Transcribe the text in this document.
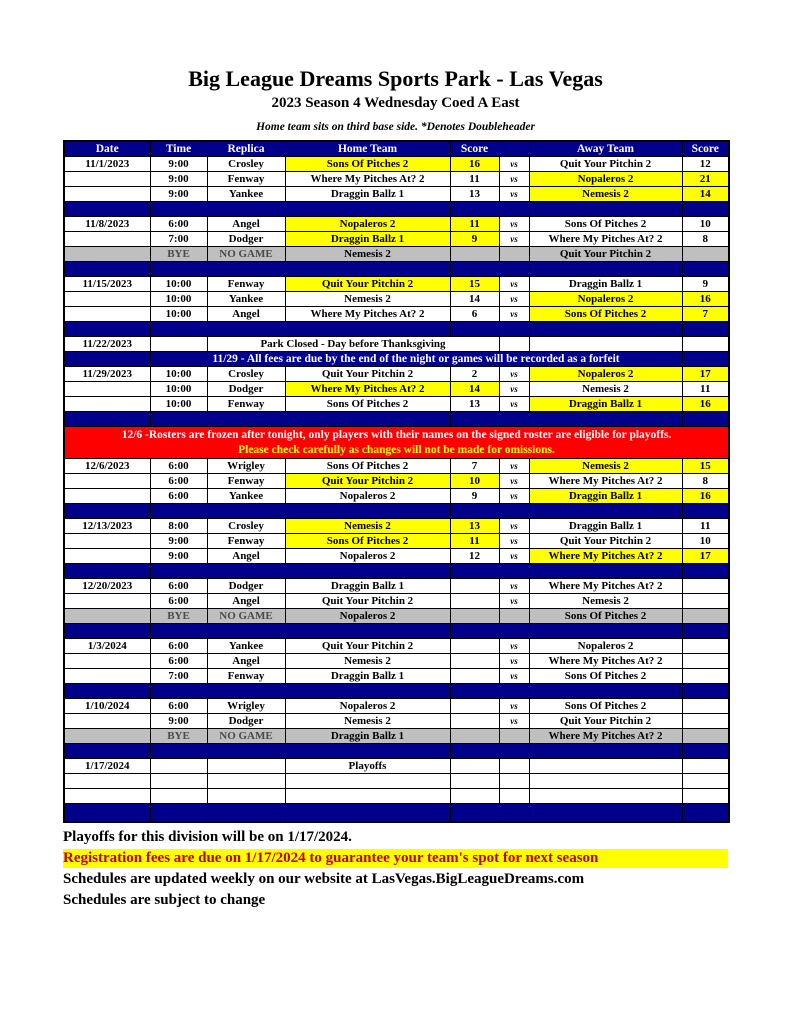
Big League Dreams Sports Park - Las Vegas
2023 Season 4 Wednesday Coed A East
Home team sits on third base side. *Denotes Doubleheader
Date	Time	Replica	Home Team	Score		Away Team	Score
11/1/2023	9:00	Crosley	Sons Of Pitches 2	16	vs	Quit Your Pitchin 2	12
	9:00	Fenway	Where My Pitches At? 2	11	vs	Nopaleros 2	21
	9:00	Yankee	Draggin Ballz 1	13	vs	Nemesis 2	14

11/8/2023	6:00	Angel	Nopaleros 2	11	vs	Sons Of Pitches 2	10
	7:00	Dodger	Draggin Ballz 1	9	vs	Where My Pitches At? 2	8
	BYE	NO GAME	Nemesis 2			Quit Your Pitchin 2	

11/15/2023	10:00	Fenway	Quit Your Pitchin 2	15	vs	Draggin Ballz 1	9
	10:00	Yankee	Nemesis 2	14	vs	Nopaleros 2	16
	10:00	Angel	Where My Pitches At? 2	6	vs	Sons Of Pitches 2	7

11/22/2023		Park Closed - Day before Thanksgiving					
	11/29 - All fees are due by the end of the night or games will be recorded as a forfeit						
11/29/2023	10:00	Crosley	Quit Your Pitchin 2	2	vs	Nopaleros 2	17
	10:00	Dodger	Where My Pitches At? 2	14	vs	Nemesis 2	11
	10:00	Fenway	Sons Of Pitches 2	13	vs	Draggin Ballz 1	16

12/6 -Rosters are frozen after tonight, only players with their names on the signed roster are eligible for playoffs.
Please check carefully as changes will not be made for omissions.							

12/6/2023	6:00	Wrigley	Sons Of Pitches 2	7	vs	Nemesis 2	15
	6:00	Fenway	Quit Your Pitchin 2	10	vs	Where My Pitches At? 2	8
	6:00	Yankee	Nopaleros 2	9	vs	Draggin Ballz 1	16

12/13/2023	8:00	Crosley	Nemesis 2	13	vs	Draggin Ballz 1	11
	9:00	Fenway	Sons Of Pitches 2	11	vs	Quit Your Pitchin 2	10
	9:00	Angel	Nopaleros 2	12	vs	Where My Pitches At? 2	17

12/20/2023	6:00	Dodger	Draggin Ballz 1		vs	Where My Pitches At? 2	
	6:00	Angel	Quit Your Pitchin 2		vs	Nemesis 2	
	BYE	NO GAME	Nopaleros 2			Sons Of Pitches 2	

1/3/2024	6:00	Yankee	Quit Your Pitchin 2		vs	Nopaleros 2	
	6:00	Angel	Nemesis 2		vs	Where My Pitches At? 2	
	7:00	Fenway	Draggin Ballz 1		vs	Sons Of Pitches 2	

1/10/2024	6:00	Wrigley	Nopaleros 2		vs	Sons Of Pitches 2	
	9:00	Dodger	Nemesis 2		vs	Quit Your Pitchin 2	
	BYE	NO GAME	Draggin Ballz 1			Where My Pitches At? 2	

1/17/2024			Playoffs				

Playoffs for this division will be on 1/17/2024.
Registration fees are due on 1/17/2024 to guarantee your team's spot for next season
Schedules are updated weekly on our website at LasVegas.BigLeagueDreams.com
Schedules are subject to change
